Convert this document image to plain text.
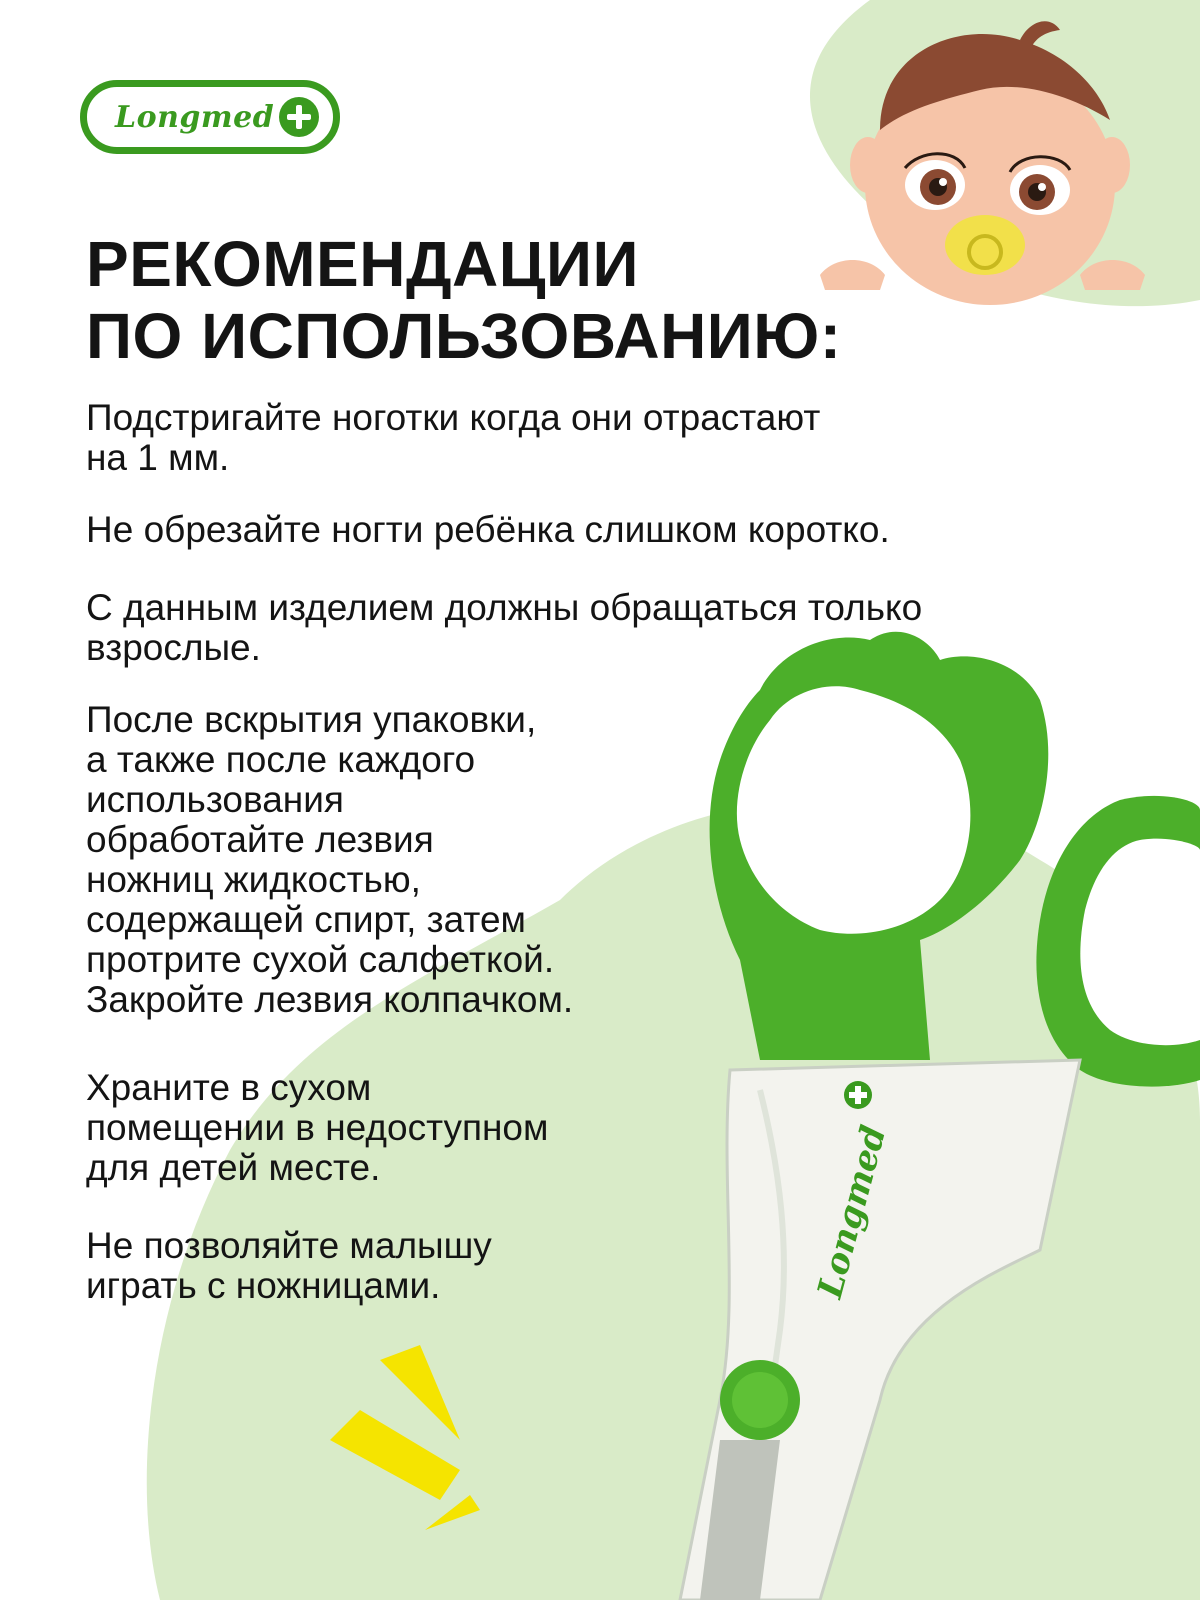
Longmed
Longmed
РЕКОМЕНДАЦИИ
ПО ИСПОЛЬЗОВАНИЮ:

Подстригайте ноготки когда они отрастают
на 1 мм.

Не обрезайте ногти ребёнка слишком коротко.

С данным изделием должны обращаться только
взрослые.

После вскрытия упаковки,
а также после каждого
использования
обработайте лезвия
ножниц жидкостью,
содержащей спирт, затем
протрите сухой салфеткой.
Закройте лезвия колпачком.

Храните в сухом
помещении в недоступном
для детей месте.

Не позволяйте малышу
играть с ножницами.
